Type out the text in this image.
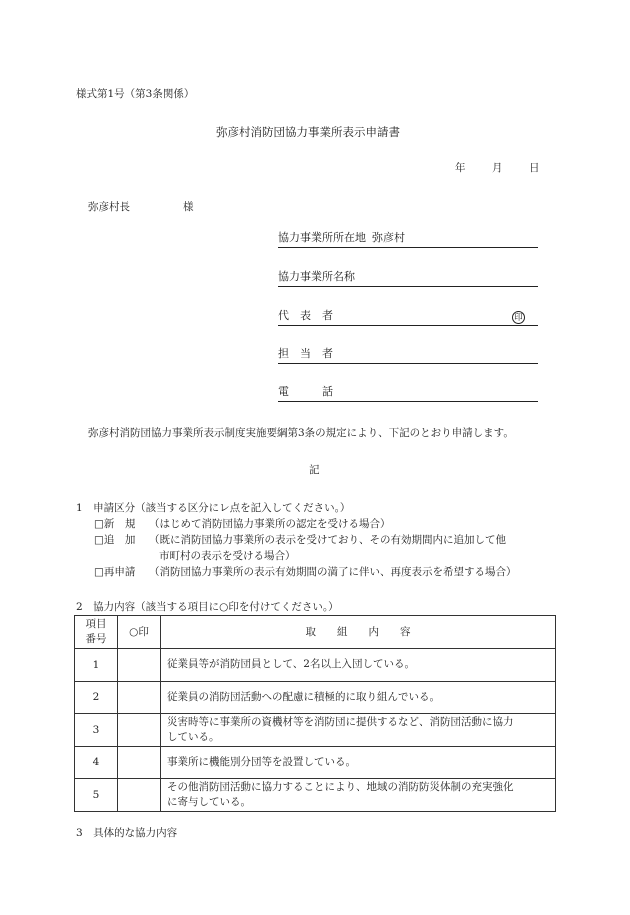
様式第1号（第3条関係）
弥彦村消防団協力事業所表示申請書
年	月	日
弥彦村長	様
協力事業所所在地 弥彦村
協力事業所名称
代　表　者	印
担　当　者
電　　　話
弥彦村消防団協力事業所表示制度実施要綱第3条の規定により、下記のとおり申請します。
記
1　申請区分（該当する区分にレ点を記入してください。）
□新　規 （はじめて消防団協力事業所の認定を受ける場合）
□追　加 （既に消防団協力事業所の表示を受けており、その有効期間内に追加して他
市町村の表示を受ける場合）
□再申請 （消防団協力事業所の表示有効期間の満了に伴い、再度表示を希望する場合）
2　協力内容（該当する項目に○印を付けてください。）
項目
番号	○印	取　　組　　内　　容
1		従業員等が消防団員として、2名以上入団している。

2		従業員の消防団活動への配慮に積極的に取り組んでいる。

3		災害時等に事業所の資機材等を消防団に提供するなど、消防団活動に協力
している。

4		事業所に機能別分団等を設置している。

5		その他消防団活動に協力することにより、地域の消防防災体制の充実強化
に寄与している。
3　具体的な協力内容
